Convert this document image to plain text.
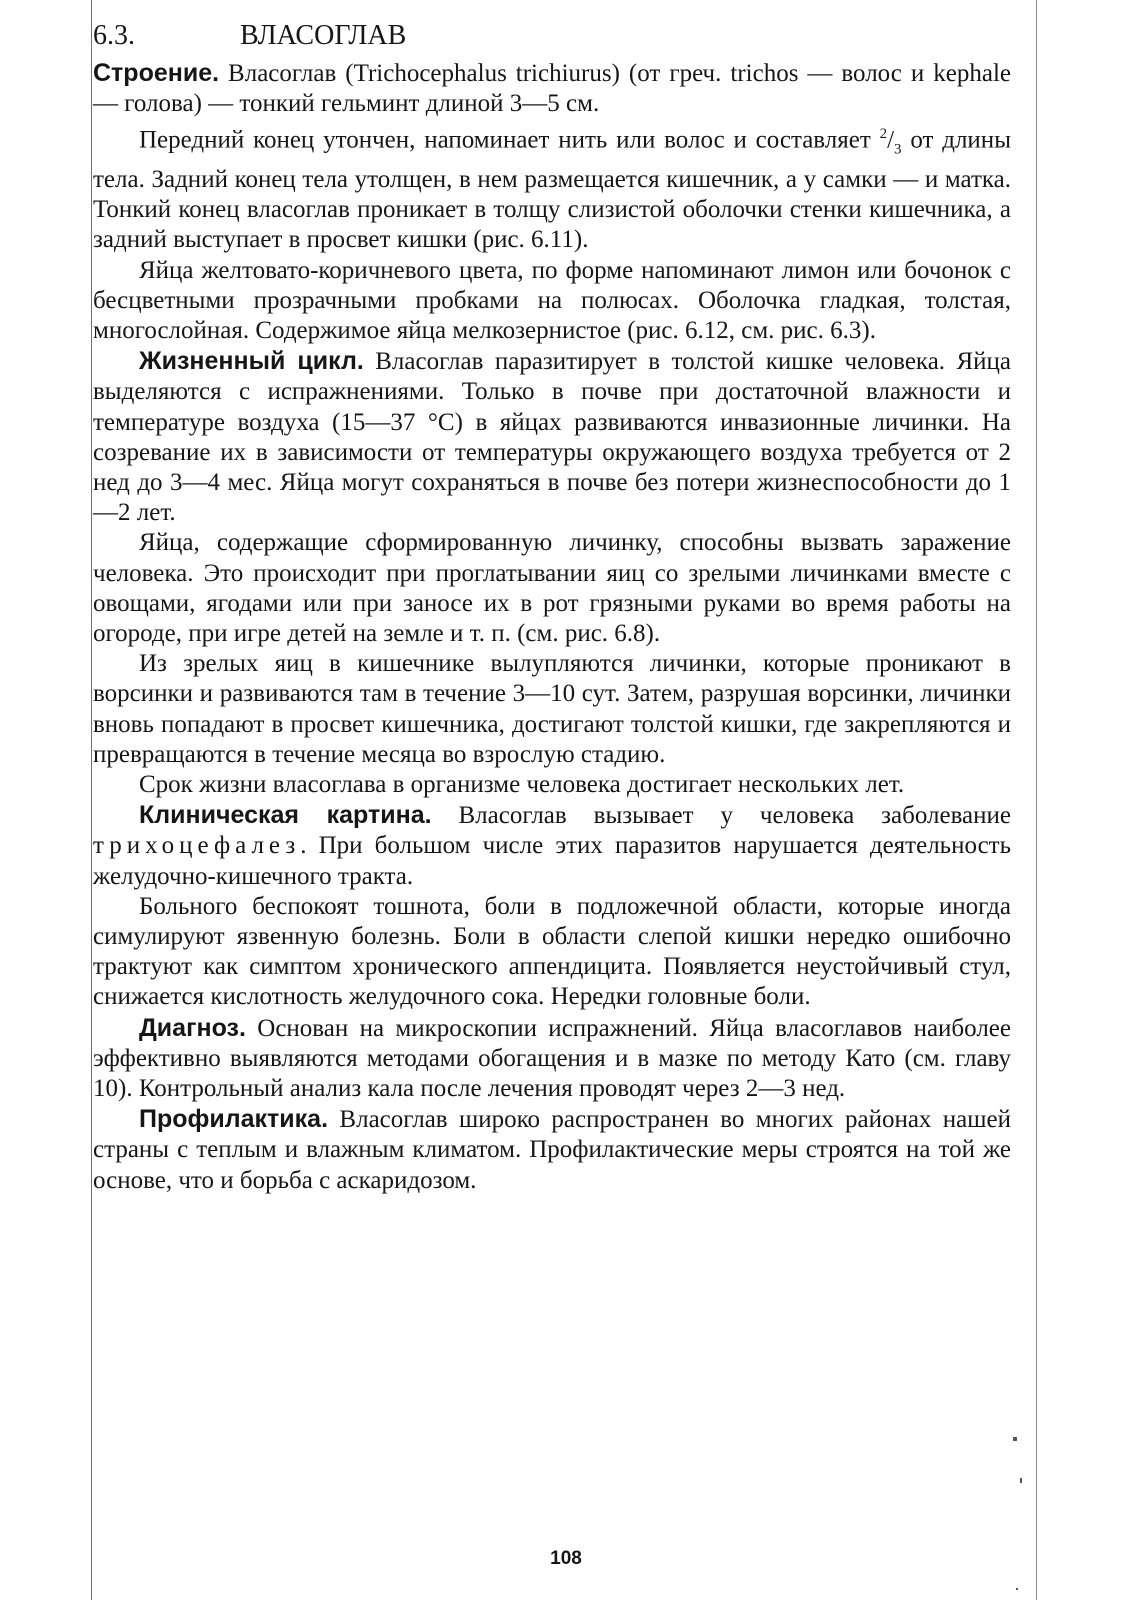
6.3.	ВЛАСОГЛАВ

Строение. Власоглав (Trichocephalus trichiurus) (от греч. trichos — волос и kephale — голова) — тонкий гельминт длиной 3—5 см.

Передний конец утончен, напоминает нить или волос и составляет $^2/_3$ от длины тела. Задний конец тела утолщен, в нем размещается кишечник, а у самки — и матка. Тонкий конец власоглав проникает в толщу слизистой оболочки стенки кишечника, а задний выступает в просвет кишки (рис. 6.11).

Яйца желтовато-коричневого цвета, по форме напоминают лимон или бочонок с бесцветными прозрачными пробками на полюсах. Оболочка гладкая, толстая, многослойная. Содержимое яйца мелкозернистое (рис. 6.12, см. рис. 6.3).

Жизненный цикл. Власоглав паразитирует в толстой кишке человека. Яйца выделяются с испражнениями. Только в почве при достаточной влажности и температуре воздуха (15—37 °С) в яйцах развиваются инвазионные личинки. На созревание их в зависимости от температуры окружающего воздуха требуется от 2 нед до 3—4 мес. Яйца могут сохраняться в почве без потери жизнеспособности до 1—2 лет.

Яйца, содержащие сформированную личинку, способны вызвать заражение человека. Это происходит при проглатывании яиц со зрелыми личинками вместе с овощами, ягодами или при заносе их в рот грязными руками во время работы на огороде, при игре детей на земле и т. п. (см. рис. 6.8).

Из зрелых яиц в кишечнике вылупляются личинки, которые проникают в ворсинки и развиваются там в течение 3—10 сут. Затем, разрушая ворсинки, личинки вновь попадают в просвет кишечника, достигают толстой кишки, где закрепляются и превращаются в течение месяца во взрослую стадию.

Срок жизни власоглава в организме человека достигает нескольких лет.

Клиническая картина. Власоглав вызывает у человека заболевание трихоцефалез. При большом числе этих паразитов нарушается деятельность желудочно-кишечного тракта.

Больного беспокоят тошнота, боли в подложечной области, которые иногда симулируют язвенную болезнь. Боли в области слепой кишки нередко ошибочно трактуют как симптом хронического аппендицита. Появляется неустойчивый стул, снижается кислотность желудочного сока. Нередки головные боли.

Диагноз. Основан на микроскопии испражнений. Яйца власоглавов наиболее эффективно выявляются методами обогащения и в мазке по методу Като (см. главу 10). Контрольный анализ кала после лечения проводят через 2—3 нед.

Профилактика. Власоглав широко распространен во многих районах нашей страны с теплым и влажным климатом. Профилактические меры строятся на той же основе, что и борьба с аскаридозом.

108
